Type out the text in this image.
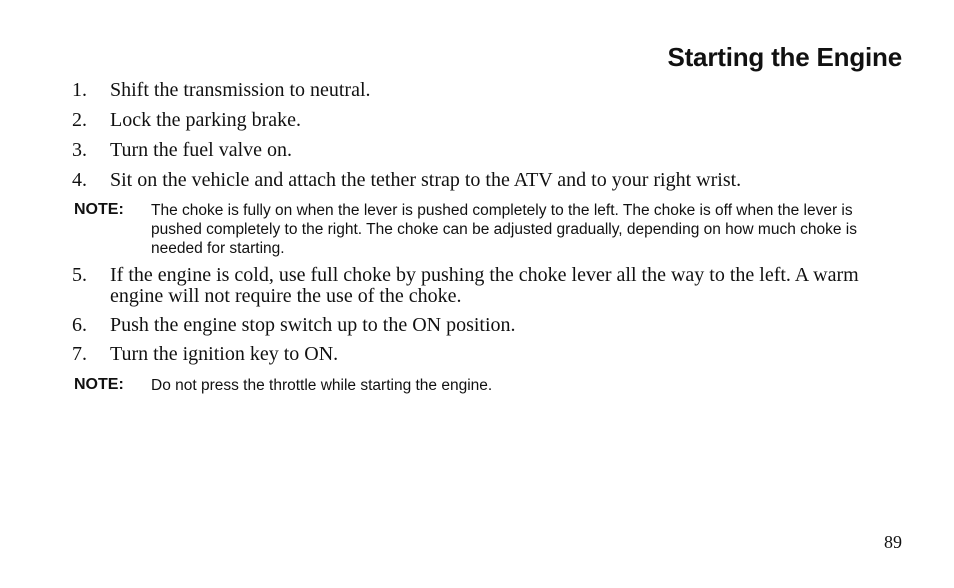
Starting the Engine
1.	Shift the transmission to neutral.
2.	Lock the parking brake.
3.	Turn the fuel valve on.
4.	Sit on the vehicle and attach the tether strap to the ATV and to your right wrist.
NOTE: The choke is fully on when the lever is pushed completely to the left. The choke is off when the lever is pushed completely to the right. The choke can be adjusted gradually, depending on how much choke is needed for starting.
5.	If the engine is cold, use full choke by pushing the choke lever all the way to the left. A warm engine will not require the use of the choke.
6.	Push the engine stop switch up to the ON position.
7.	Turn the ignition key to ON.
NOTE: Do not press the throttle while starting the engine.
89
